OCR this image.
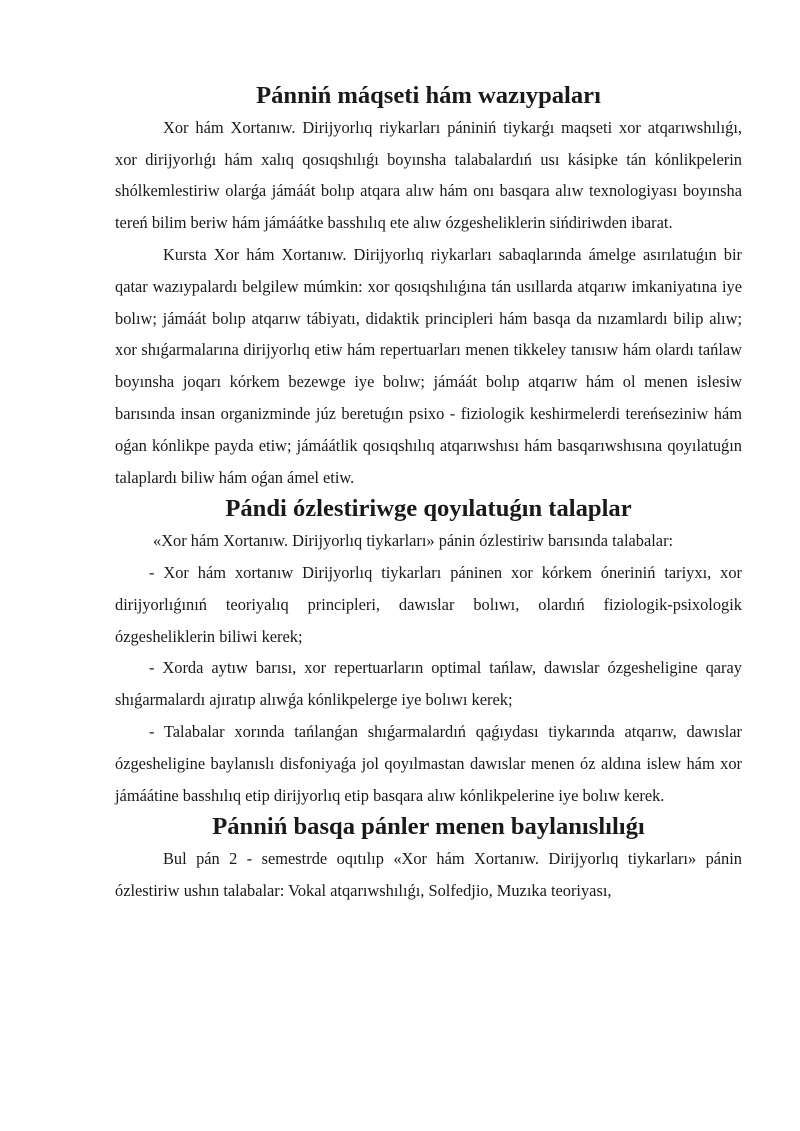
Pánniń máqseti hám wazıypaları

Xor hám Xortanıw. Dirijyorlıq riykarları pániniń tiykarǵı maqseti xor atqarıwshılıǵı, xor dirijyorlıǵı hám xalıq qosıqshılıǵı boyınsha talabalardıń usı kásipke tán kónlikpelerin shólkemlestiriw olarǵa jámáát bolıp atqara alıw hám onı basqara alıw texnologiyası boyınsha tereń bilim beriw hám jámáátke basshılıq ete alıw ózgesheliklerin sińdiriwden ibarat.

Kursta Xor hám Xortanıw. Dirijyorlıq riykarları sabaqlarında ámelge asırılatuǵın bir qatar wazıypalardı belgilew múmkin: xor qosıqshılıǵına tán usıllarda atqarıw imkaniyatına iye bolıw; jámáát bolıp atqarıw tábiyatı, didaktik principleri hám basqa da nızamlardı bilip alıw; xor shıǵarmalarına dirijyorlıq etiw hám repertuarları menen tikkeley tanısıw hám olardı tańlaw boyınsha joqarı kórkem bezewge iye bolıw; jámáát bolıp atqarıw hám ol menen islesiw barısında insan organizminde júz beretuǵın psixo - fiziologik keshirmelerdi tereńseziniw hám oǵan kónlikpe payda etiw; jámáátlik qosıqshılıq atqarıwshısı hám basqarıwshısına qoyılatuǵın talaplardı biliw hám oǵan ámel etiw.

Pándi ózlestiriwge qoyılatuǵın talaplar

«Xor hám Xortanıw. Dirijyorlıq tiykarları» pánin ózlestiriw barısında talabalar:

- Xor hám xortanıw Dirijyorlıq tiykarları páninen xor kórkem óneriniń tariyxı, xor dirijyorlıǵınıń teoriyalıq principleri, dawıslar bolıwı, olardıń fiziologik-psixologik ózgesheliklerin biliwi kerek;

- Xorda aytıw barısı, xor repertuarların optimal tańlaw, dawıslar ózgesheligine qaray shıǵarmalardı ajıratıp alıwǵa kónlikpelerge iye bolıwı kerek;

- Talabalar xorında tańlanǵan shıǵarmalardıń qaǵıydası tiykarında atqarıw, dawıslar ózgesheligine baylanıslı disfoniyaǵa jol qoyılmastan dawıslar menen óz aldına islew hám xor jámáátine basshılıq etip dirijyorlıq etip basqara alıw kónlikpelerine iye bolıw kerek.

Pánniń basqa pánler menen baylanıslılıǵı

Bul pán 2 - semestrde oqıtılıp «Xor hám Xortanıw. Dirijyorlıq tiykarları» pánin ózlestiriw ushın talabalar: Vokal atqarıwshılıǵı, Solfedjio, Muzıka teoriyası,
